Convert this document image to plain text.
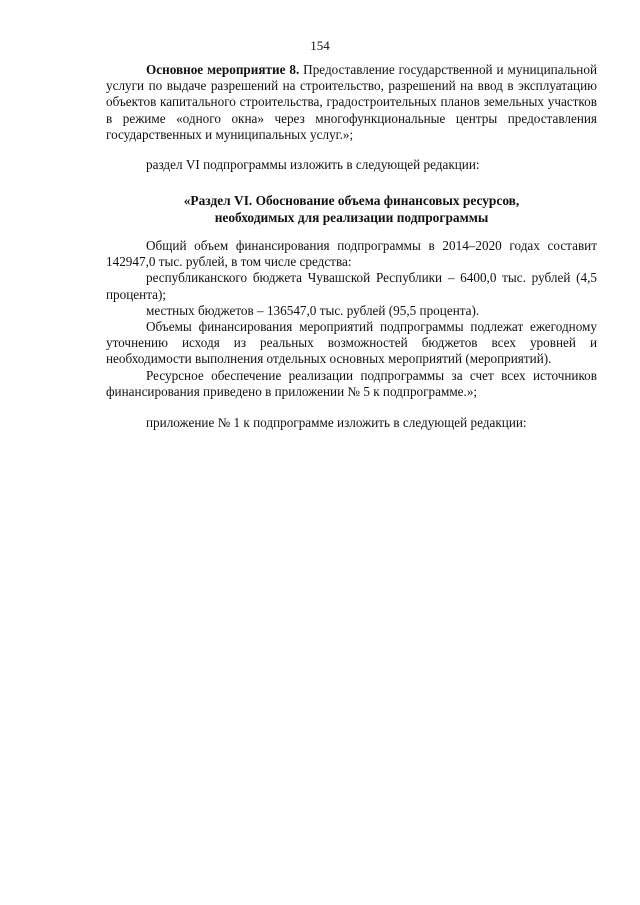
154

Основное мероприятие 8. Предоставление государственной и муниципальной услуги по выдаче разрешений на строительство, разрешений на ввод в эксплуатацию объектов капитального строительства, градостроительных планов земельных участков в режиме «одного окна» через многофункциональные центры предоставления государственных и муниципальных услуг.»;

раздел VI подпрограммы изложить в следующей редакции:

«Раздел VI. Обоснование объема финансовых ресурсов,
необходимых для реализации подпрограммы

Общий объем финансирования подпрограммы в 2014–2020 годах составит 142947,0 тыс. рублей, в том числе средства:

республиканского бюджета Чувашской Республики – 6400,0 тыс. рублей (4,5 процента);

местных бюджетов – 136547,0 тыс. рублей (95,5 процента).

Объемы финансирования мероприятий подпрограммы подлежат ежегодному уточнению исходя из реальных возможностей бюджетов всех уровней и необходимости выполнения отдельных основных мероприятий (мероприятий).

Ресурсное обеспечение реализации подпрограммы за счет всех источников финансирования приведено в приложении № 5 к подпрограмме.»;

приложение № 1 к подпрограмме изложить в следующей редакции:
